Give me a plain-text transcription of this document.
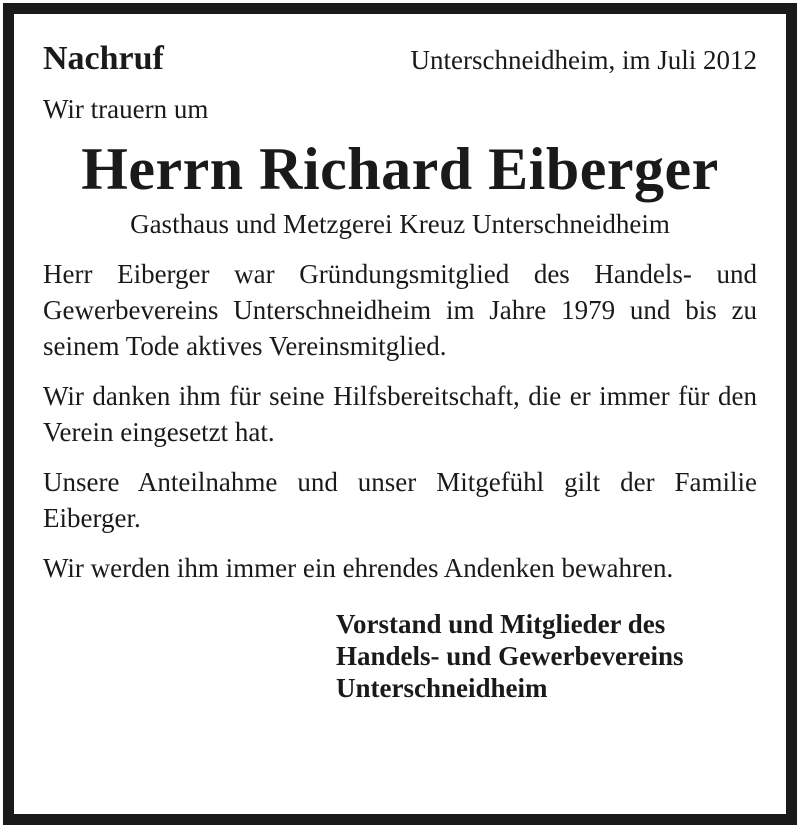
Nachruf	Unterschneidheim, im Juli 2012
Wir trauern um
Herrn Richard Eiberger
Gasthaus und Metzgerei Kreuz Unterschneidheim

Herr Eiberger war Gründungsmitglied des Handels- und Gewerbevereins Unterschneidheim im Jahre 1979 und bis zu seinem Tode aktives Vereinsmitglied.

Wir danken ihm für seine Hilfsbereitschaft, die er immer für den Verein eingesetzt hat.

Unsere Anteilnahme und unser Mitgefühl gilt der Familie Eiberger.

Wir werden ihm immer ein ehrendes Andenken bewahren.

Vorstand und Mitglieder des
Handels- und Gewerbevereins
Unterschneidheim
